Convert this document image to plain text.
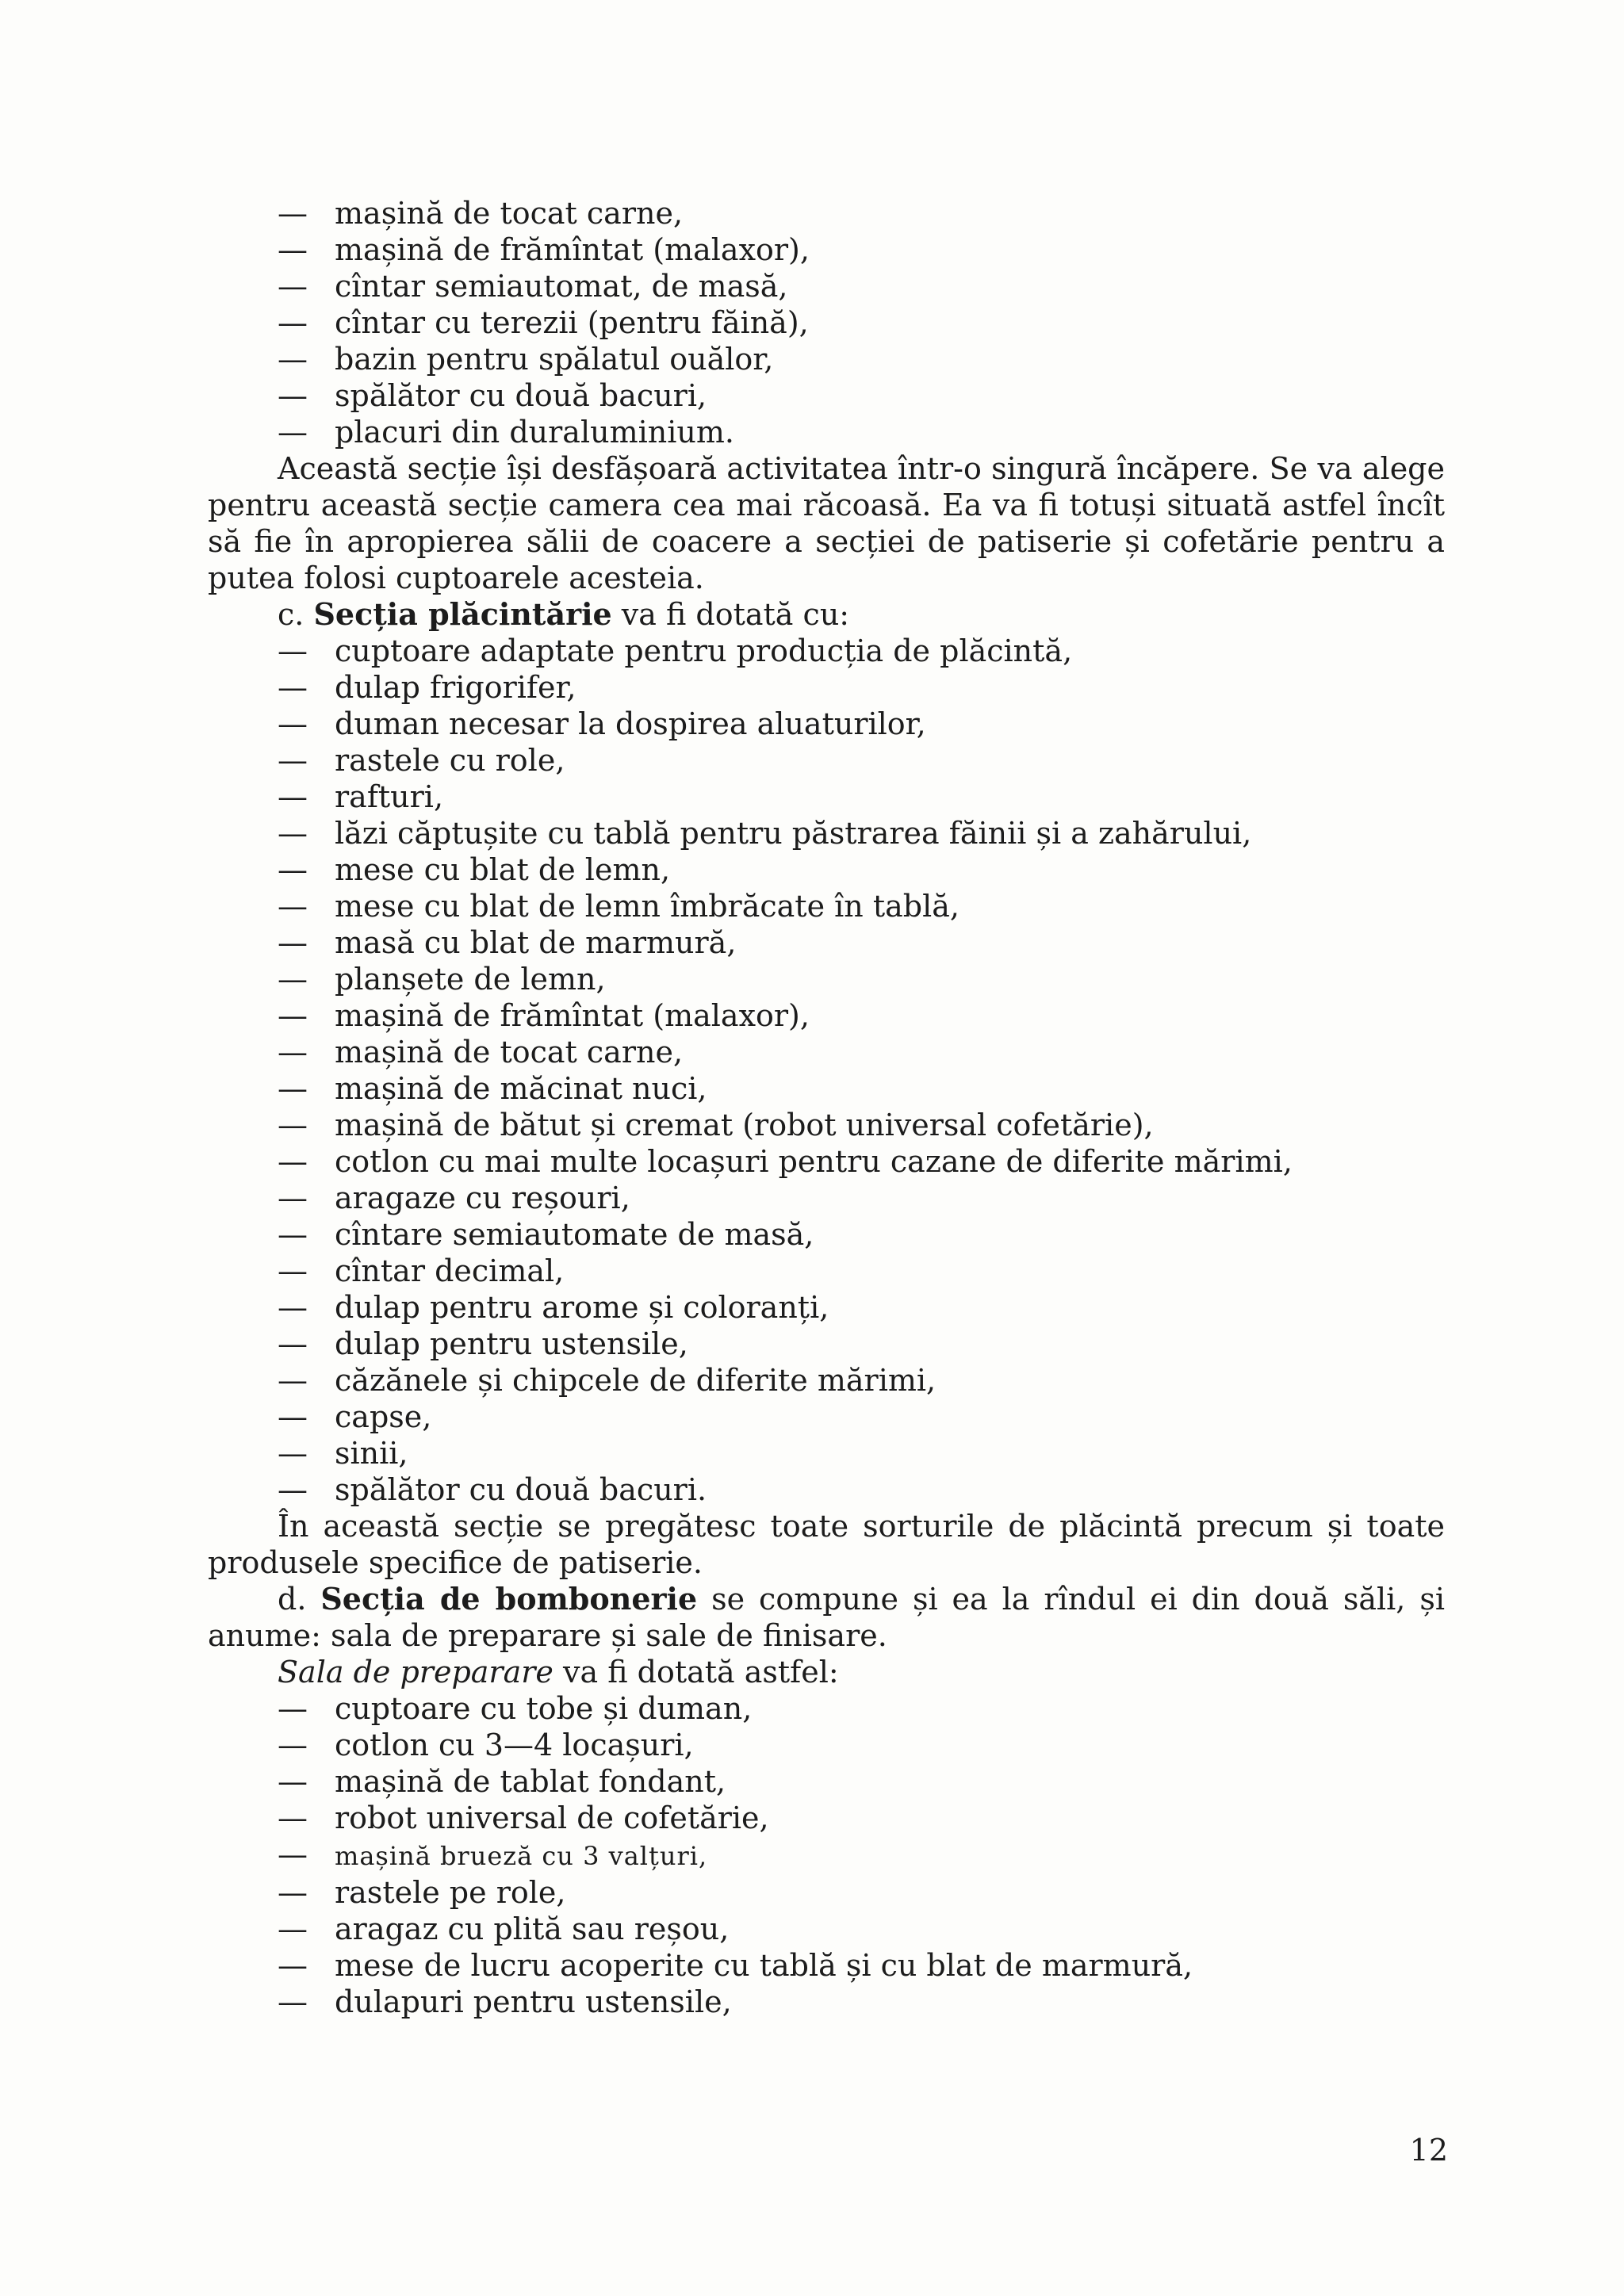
— mașină de tocat carne,
— mașină de frămîntat (malaxor),
— cîntar semiautomat, de masă,
— cîntar cu terezii (pentru făină),
— bazin pentru spălatul ouălor,
— spălător cu două bacuri,
— placuri din duraluminium.
Această secție își desfășoară activitatea într-o singură încăpere. Se va alege pentru această secție camera cea mai răcoasă. Ea va fi totuși situată astfel încît să fie în apropierea sălii de coacere a secției de patiserie și cofetărie pentru a putea folosi cuptoarele acesteia.
c. Secția plăcintărie va fi dotată cu:
— cuptoare adaptate pentru producția de plăcintă,
— dulap frigorifer,
— duman necesar la dospirea aluaturilor,
— rastele cu role,
— rafturi,
— lăzi căptușite cu tablă pentru păstrarea făinii și a zahărului,
— mese cu blat de lemn,
— mese cu blat de lemn îmbrăcate în tablă,
— masă cu blat de marmură,
— planșete de lemn,
— mașină de frămîntat (malaxor),
— mașină de tocat carne,
— mașină de măcinat nuci,
— mașină de bătut și cremat (robot universal cofetărie),
— cotlon cu mai multe locașuri pentru cazane de diferite mărimi,
— aragaze cu reșouri,
— cîntare semiautomate de masă,
— cîntar decimal,
— dulap pentru arome și coloranți,
— dulap pentru ustensile,
— căzănele și chipcele de diferite mărimi,
— capse,
— sinii,
— spălător cu două bacuri.
În această secție se pregătesc toate sorturile de plăcintă precum și toate produsele specifice de patiserie.
d. Secția de bombonerie se compune și ea la rîndul ei din două săli, și anume: sala de preparare și sale de finisare.
Sala de preparare va fi dotată astfel:
— cuptoare cu tobe și duman,
— cotlon cu 3—4 locașuri,
— mașină de tablat fondant,
— robot universal de cofetărie,
— mașină brueză cu 3 valțuri,
— rastele pe role,
— aragaz cu plită sau reșou,
— mese de lucru acoperite cu tablă și cu blat de marmură,
— dulapuri pentru ustensile,
12
